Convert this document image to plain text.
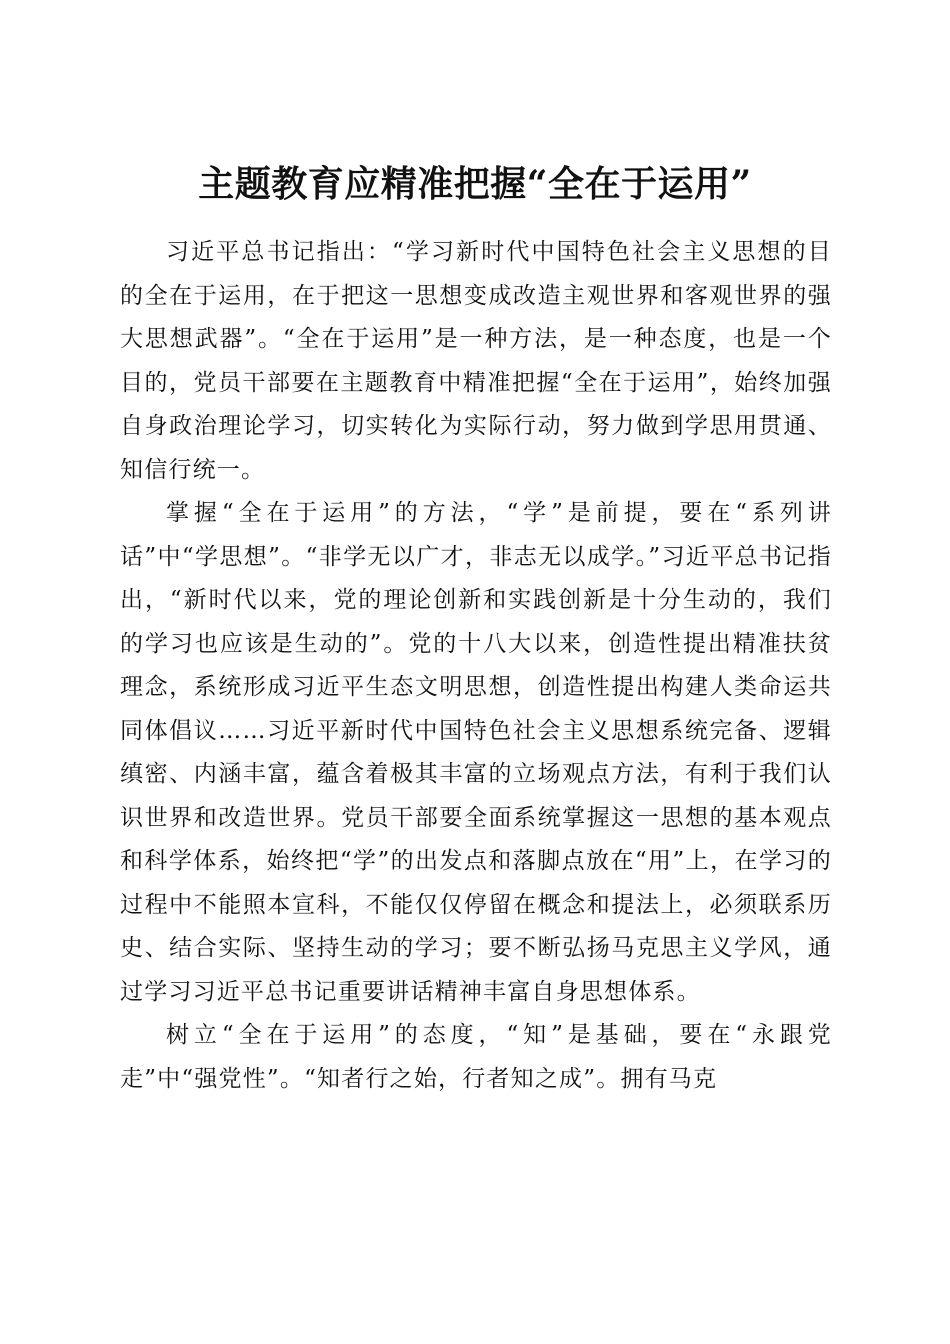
主题教育应精准把握“全在于运用”

习近平总书记指出：“学习新时代中国特色社会主义思想的目的全在于运用，在于把这一思想变成改造主观世界和客观世界的强大思想武器”。“全在于运用”是一种方法，是一种态度，也是一个目的，党员干部要在主题教育中精准把握“全在于运用”，始终加强自身政治理论学习，切实转化为实际行动，努力做到学思用贯通、知信行统一。

掌握“全在于运用”的方法，“学”是前提，要在“系列讲话”中“学思想”。“非学无以广才，非志无以成学。”习近平总书记指出，“新时代以来，党的理论创新和实践创新是十分生动的，我们的学习也应该是生动的”。党的十八大以来，创造性提出精准扶贫理念，系统形成习近平生态文明思想，创造性提出构建人类命运共同体倡议……习近平新时代中国特色社会主义思想系统完备、逻辑缜密、内涵丰富，蕴含着极其丰富的立场观点方法，有利于我们认识世界和改造世界。党员干部要全面系统掌握这一思想的基本观点和科学体系，始终把“学”的出发点和落脚点放在“用”上，在学习的过程中不能照本宣科，不能仅仅停留在概念和提法上，必须联系历史、结合实际、坚持生动的学习；要不断弘扬马克思主义学风，通过学习习近平总书记重要讲话精神丰富自身思想体系。

树立“全在于运用”的态度，“知”是基础，要在“永跟党走”中“强党性”。“知者行之始，行者知之成”。拥有马克
